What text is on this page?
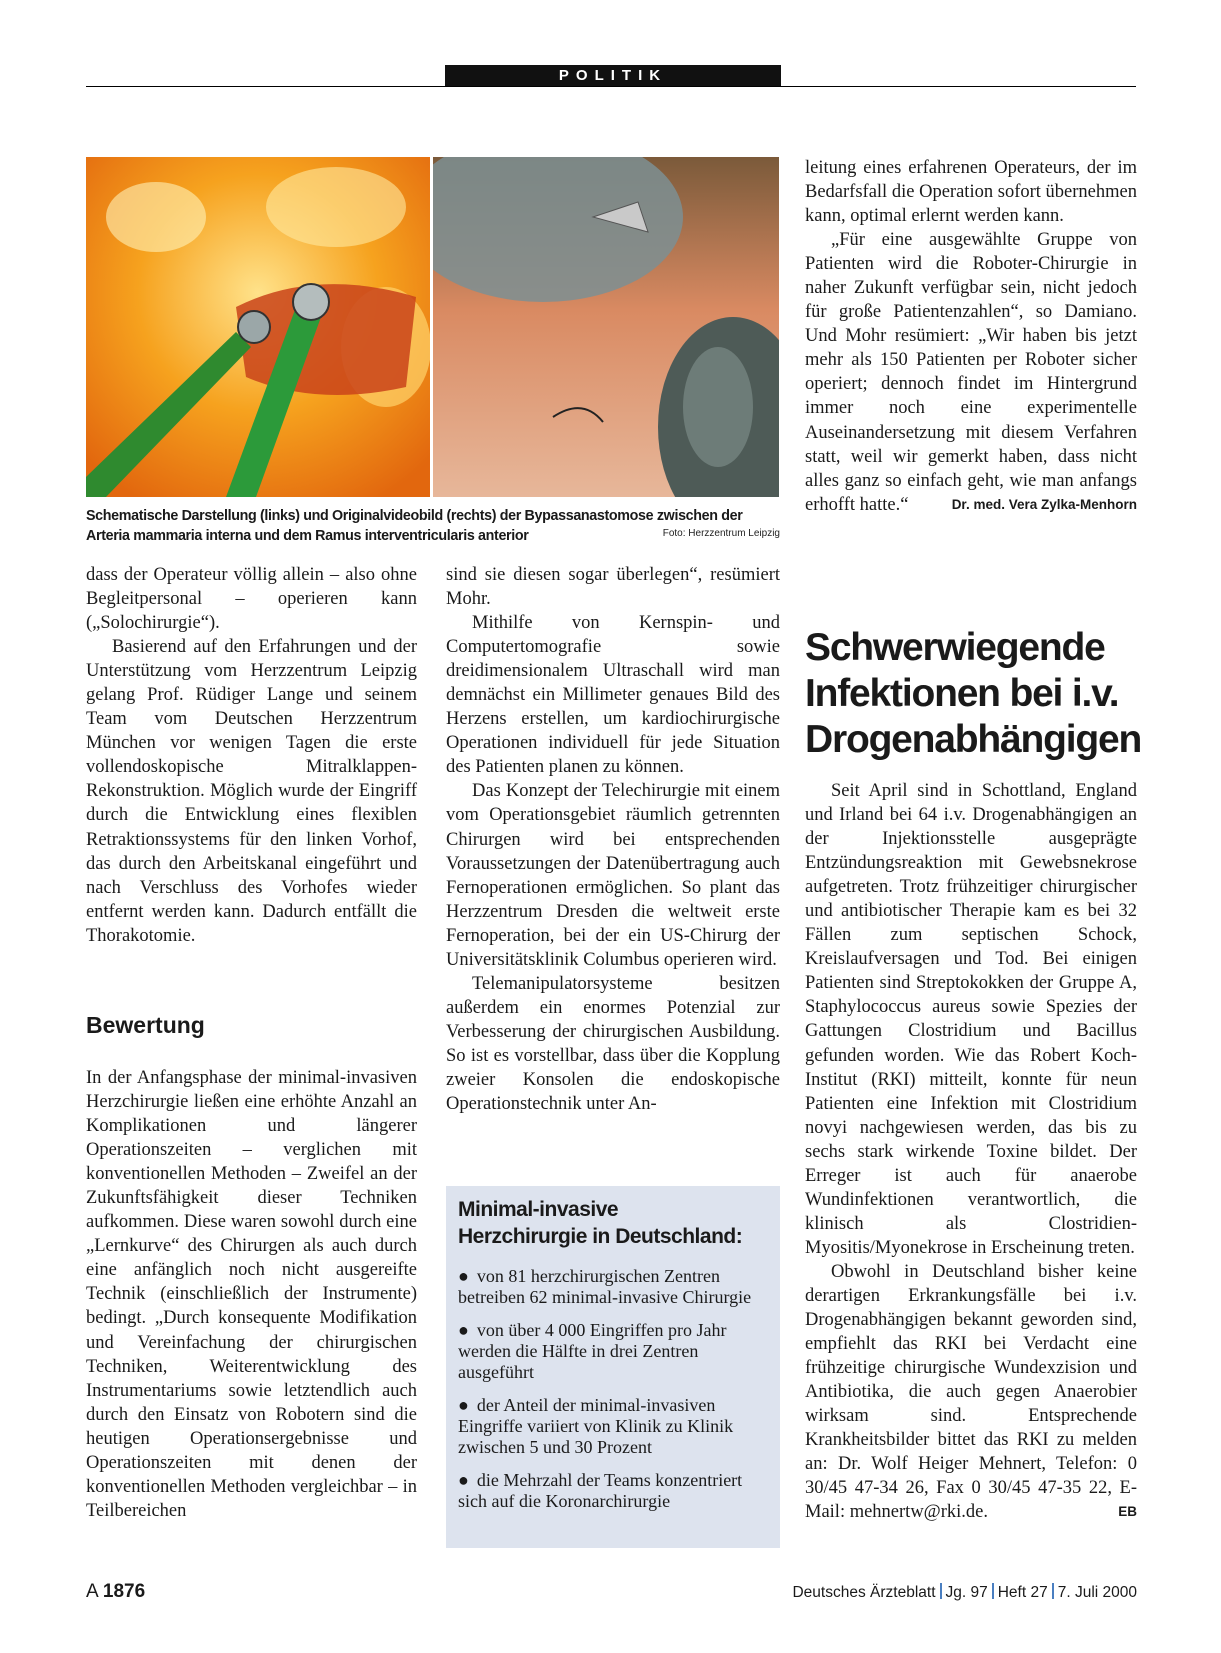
POLITIK
Schematische Darstellung (links) und Originalvideobild (rechts) der Bypassanastomose zwischen der Arteria mammaria interna und dem Ramus interventricularis anterior	Foto: Herzzentrum Leipzig

dass der Operateur völlig allein – also ohne Begleitpersonal – operieren kann („Solochirurgie“).

Basierend auf den Erfahrungen und der Unterstützung vom Herzzentrum Leipzig gelang Prof. Rüdiger Lange und seinem Team vom Deutschen Herzzentrum München vor wenigen Tagen die erste vollendoskopische Mitralklappen-Rekonstruktion. Möglich wurde der Eingriff durch die Entwicklung eines flexiblen Retraktionssystems für den linken Vorhof, das durch den Arbeitskanal eingeführt und nach Verschluss des Vorhofes wieder entfernt werden kann. Dadurch entfällt die Thorakotomie.

Bewertung

In der Anfangsphase der minimal-invasiven Herzchirurgie ließen eine erhöhte Anzahl an Komplikationen und längerer Operationszeiten – verglichen mit konventionellen Methoden – Zweifel an der Zukunftsfähigkeit dieser Techniken aufkommen. Diese waren sowohl durch eine „Lernkurve“ des Chirurgen als auch durch eine anfänglich noch nicht ausgereifte Technik (einschließlich der Instrumente) bedingt. „Durch konsequente Modifikation und Vereinfachung der chirurgischen Techniken, Weiterentwicklung des Instrumentariums sowie letztendlich auch durch den Einsatz von Robotern sind die heutigen Operationsergebnisse und Operationszeiten mit denen der konventionellen Methoden vergleichbar – in Teilbereichen

sind sie diesen sogar überlegen“, resümiert Mohr.

Mithilfe von Kernspin- und Computertomografie sowie dreidimensionalem Ultraschall wird man demnächst ein Millimeter genaues Bild des Herzens erstellen, um kardiochirurgische Operationen individuell für jede Situation des Patienten planen zu können.

Das Konzept der Telechirurgie mit einem vom Operationsgebiet räumlich getrennten Chirurgen wird bei entsprechenden Voraussetzungen der Datenübertragung auch Fernoperationen ermöglichen. So plant das Herzzentrum Dresden die weltweit erste Fernoperation, bei der ein US-Chirurg der Universitätsklinik Columbus operieren wird.

Telemanipulatorsysteme besitzen außerdem ein enormes Potenzial zur Verbesserung der chirurgischen Ausbildung. So ist es vorstellbar, dass über die Kopplung zweier Konsolen die endoskopische Operationstechnik unter An-

Minimal-invasive
Herzchirurgie in Deutschland:
● von 81 herzchirurgischen Zentren betreiben 62 minimal-invasive Chirurgie
● von über 4 000 Eingriffen pro Jahr werden die Hälfte in drei Zentren ausgeführt
● der Anteil der minimal-invasiven Eingriffe variiert von Klinik zu Klinik zwischen 5 und 30 Prozent
● die Mehrzahl der Teams konzentriert sich auf die Koronarchirurgie

leitung eines erfahrenen Operateurs, der im Bedarfsfall die Operation sofort übernehmen kann, optimal erlernt werden kann.

„Für eine ausgewählte Gruppe von Patienten wird die Roboter-Chirurgie in naher Zukunft verfügbar sein, nicht jedoch für große Patientenzahlen“, so Damiano. Und Mohr resümiert: „Wir haben bis jetzt mehr als 150 Patienten per Roboter sicher operiert; dennoch findet im Hintergrund immer noch eine experimentelle Auseinandersetzung mit diesem Verfahren statt, weil wir gemerkt haben, dass nicht alles ganz so einfach geht, wie man anfangs erhofft hatte.“	Dr. med. Vera Zylka-Menhorn

Schwerwiegende
Infektionen bei i.v.
Drogenabhängigen

Seit April sind in Schottland, England und Irland bei 64 i.v. Drogenabhängigen an der Injektionsstelle ausgeprägte Entzündungsreaktion mit Gewebsnekrose aufgetreten. Trotz frühzeitiger chirurgischer und antibiotischer Therapie kam es bei 32 Fällen zum septischen Schock, Kreislaufversagen und Tod. Bei einigen Patienten sind Streptokokken der Gruppe A, Staphylococcus aureus sowie Spezies der Gattungen Clostridium und Bacillus gefunden worden. Wie das Robert Koch-Institut (RKI) mitteilt, konnte für neun Patienten eine Infektion mit Clostridium novyi nachgewiesen werden, das bis zu sechs stark wirkende Toxine bildet. Der Erreger ist auch für anaerobe Wundinfektionen verantwortlich, die klinisch als Clostridien-Myositis/Myonekrose in Erscheinung treten.

Obwohl in Deutschland bisher keine derartigen Erkrankungsfälle bei i.v. Drogenabhängigen bekannt geworden sind, empfiehlt das RKI bei Verdacht eine frühzeitige chirurgische Wundexzision und Antibiotika, die auch gegen Anaerobier wirksam sind. Entsprechende Krankheitsbilder bittet das RKI zu melden an: Dr. Wolf Heiger Mehnert, Telefon: 0 30/45 47-34 26, Fax 0 30/45 47-35 22, E-Mail: mehnertw@rki.de.	EB

A 1876	Deutsches Ärzteblatt Jg. 97 Heft 27 7. Juli 2000
